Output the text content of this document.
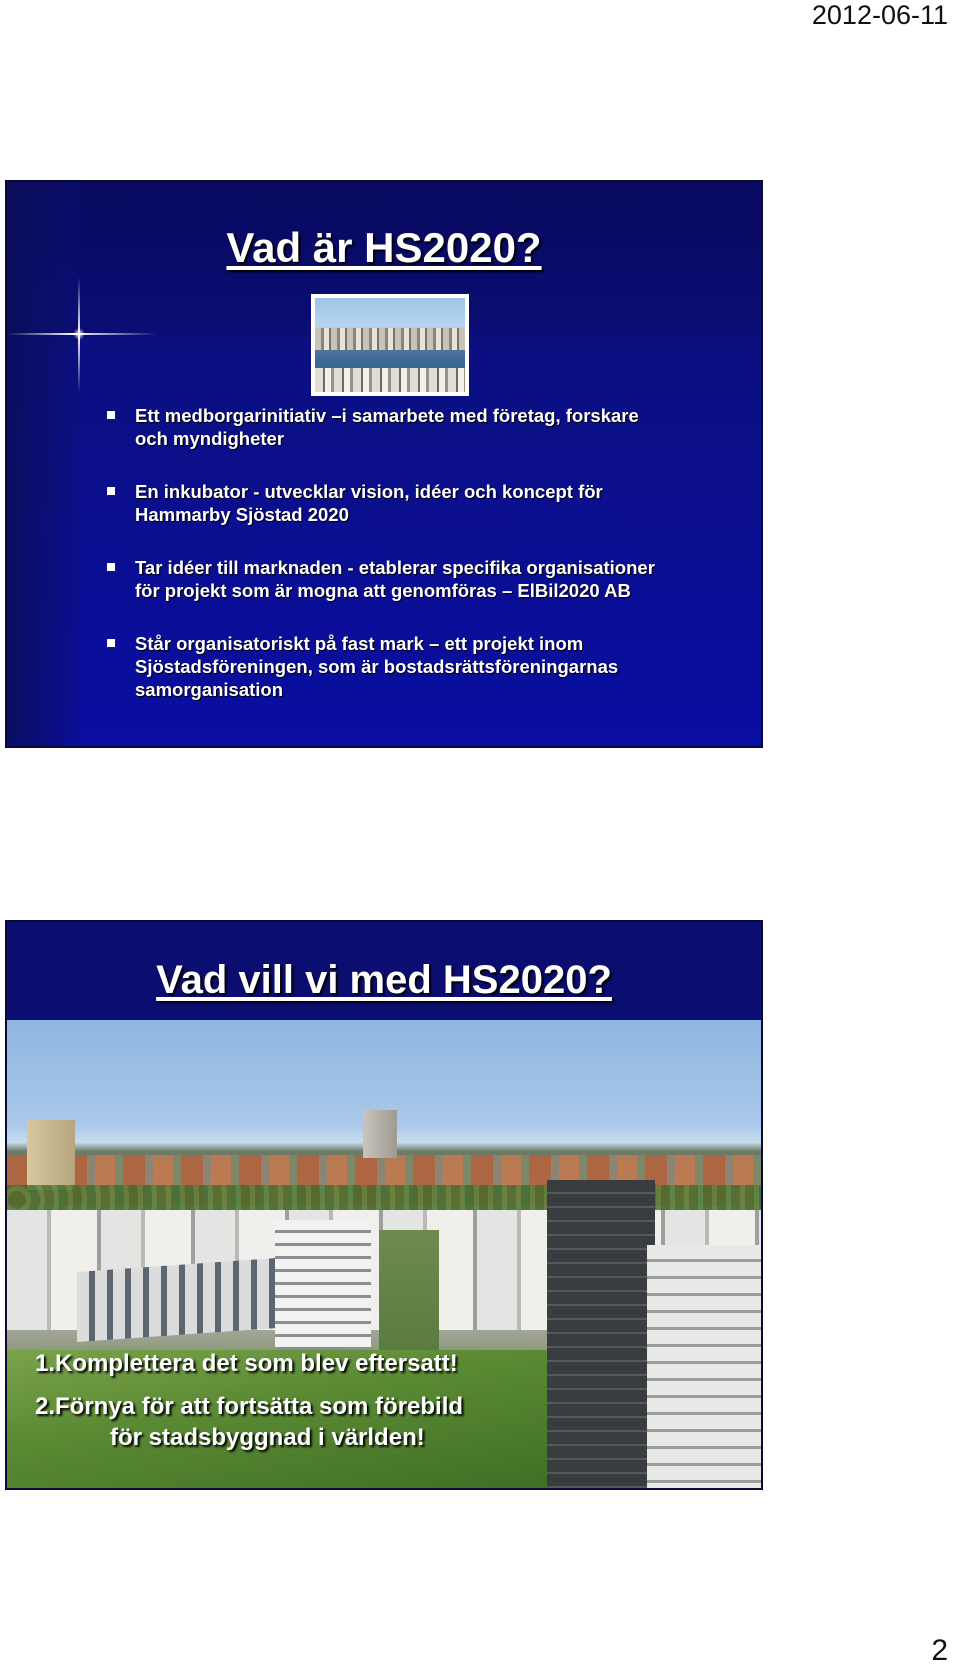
2012-06-11
Vad är HS2020?
Ett medborgarinitiativ –i samarbete med företag, forskare
och myndigheter
En inkubator - utvecklar vision, idéer och koncept för
Hammarby Sjöstad 2020
Tar idéer till marknaden - etablerar specifika organisationer
för projekt som är mogna att genomföras – ElBil2020 AB
Står organisatoriskt på fast mark – ett projekt inom
Sjöstadsföreningen, som är bostadsrättsföreningarnas
samorganisation
Vad vill vi med HS2020?
1.Komplettera det som blev eftersatt!
2.Förnya för att fortsätta som förebild
för stadsbyggnad i världen!
2
